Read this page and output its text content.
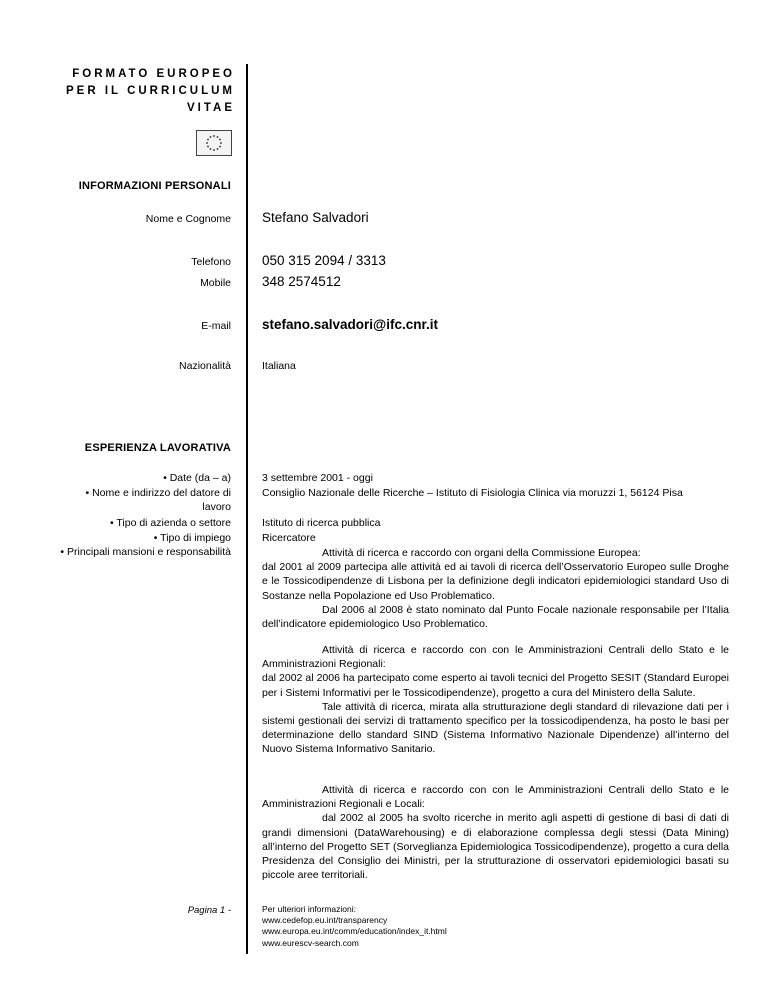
FORMATO EUROPEO
PER IL CURRICULUM
VITAE
INFORMAZIONI PERSONALI
Nome e Cognome Stefano Salvadori
Telefono 050 315 2094 / 3313
Mobile 348 2574512
E-mail stefano.salvadori@ifc.cnr.it
Nazionalità	Italiana
ESPERIENZA LAVORATIVA
• Date (da – a)
• Nome e indirizzo del datore di
lavoro
• Tipo di azienda o settore
• Tipo di impiego
• Principali mansioni e responsabilità
3 settembre 2001 - oggi
Consiglio Nazionale delle Ricerche – Istituto di Fisiologia Clinica via moruzzi 1, 56124 Pisa
Istituto di ricerca pubblica
Ricercatore
Attività di ricerca e raccordo con organi della Commissione Europea:
dal 2001 al 2009 partecipa alle attività ed ai tavoli di ricerca dell’Osservatorio Europeo sulle Droghe e le Tossicodipendenze di Lisbona per la definizione degli indicatori epidemiologici standard Uso di Sostanze nella Popolazione ed Uso Problematico.
Dal 2006 al 2008 è stato nominato dal Punto Focale nazionale responsabile per l’Italia dell’indicatore epidemiologico Uso Problematico.
Attività di ricerca e raccordo con con le Amministrazioni Centrali dello Stato e le Amministrazioni Regionali:
dal 2002 al 2006 ha partecipato come esperto ai tavoli tecnici del Progetto SESIT (Standard Europei per i Sistemi Informativi per le Tossicodipendenze), progetto a cura del Ministero della Salute.
Tale attività di ricerca, mirata alla strutturazione degli standard di rilevazione dati per i sistemi gestionali dei servizi di trattamento specifico per la tossicodipendenza, ha posto le basi per determinazione dello standard SIND (Sistema Informativo Nazionale Dipendenze) all’interno del Nuovo Sistema Informativo Sanitario.
Attività di ricerca e raccordo con con le Amministrazioni Centrali dello Stato e le Amministrazioni Regionali e Locali:
dal 2002 al 2005 ha svolto ricerche in merito agli aspetti di gestione di basi di dati di grandi dimensioni (DataWarehousing) e di elaborazione complessa degli stessi (Data Mining) all’interno del Progetto SET (Sorveglianza Epidemiologica Tossicodipendenze), progetto a cura della Presidenza del Consiglio dei Ministri, per la strutturazione di osservatori epidemiologici basati su piccole aree territoriali.
Pagina 1 -	Per ulteriori informazioni:
www.cedefop.eu.int/transparency
www.europa.eu.int/comm/education/index_it.html
www.eurescv-search.com
